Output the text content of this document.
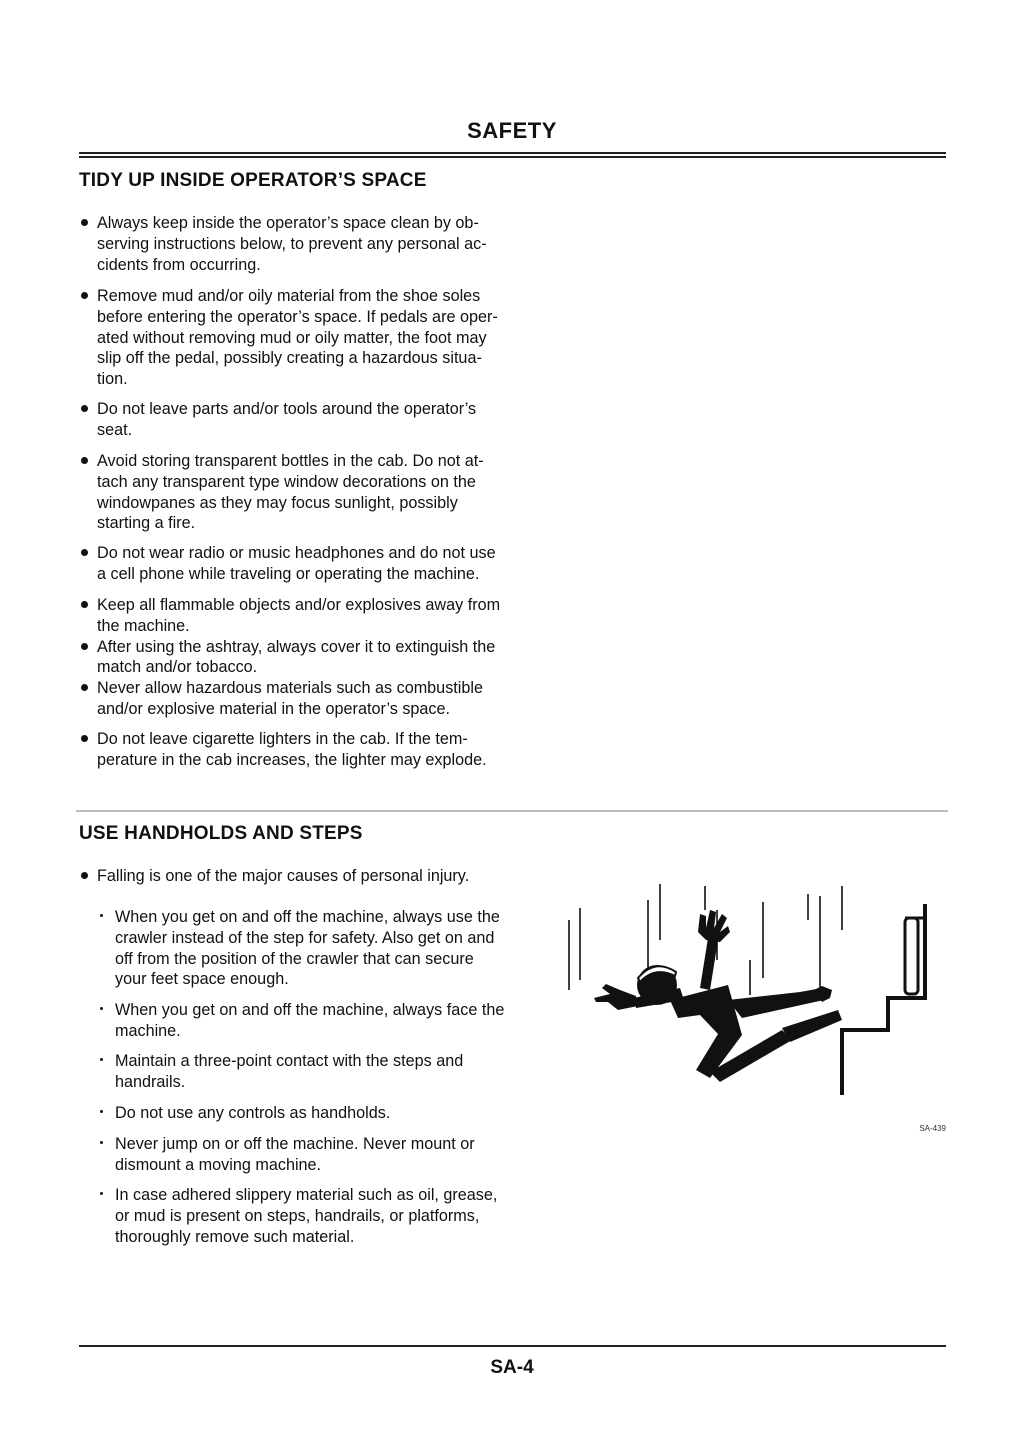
SAFETY
TIDY UP INSIDE OPERATOR’S SPACE
Always keep inside the operator’s space clean by ob-
serving instructions below, to prevent any personal ac-
cidents from occurring.
Remove mud and/or oily material from the shoe soles
before entering the operator’s space. If pedals are oper-
ated without removing mud or oily matter, the foot may
slip off the pedal, possibly creating a hazardous situa-
tion.
Do not leave parts and/or tools around the operator’s
seat.
Avoid storing transparent bottles in the cab. Do not at-
tach any transparent type window decorations on the
windowpanes as they may focus sunlight, possibly
starting a fire.
Do not wear radio or music headphones and do not use
a cell phone while traveling or operating the machine.
Keep all flammable objects and/or explosives away from
the machine.
After using the ashtray, always cover it to extinguish the
match and/or tobacco.
Never allow hazardous materials such as combustible
and/or explosive material in the operator’s space.
Do not leave cigarette lighters in the cab. If the tem-
perature in the cab increases, the lighter may explode.
USE HANDHOLDS AND STEPS
Falling is one of the major causes of personal injury.
When you get on and off the machine, always use the
crawler instead of the step for safety. Also get on and
off from the position of the crawler that can secure
your feet space enough.
When you get on and off the machine, always face the
machine.
Maintain a three-point contact with the steps and
handrails.
Do not use any controls as handholds.
Never jump on or off the machine. Never mount or
dismount a moving machine.
In case adhered slippery material such as oil, grease,
or mud is present on steps, handrails, or platforms,
thoroughly remove such material.
SA-439
SA-4
